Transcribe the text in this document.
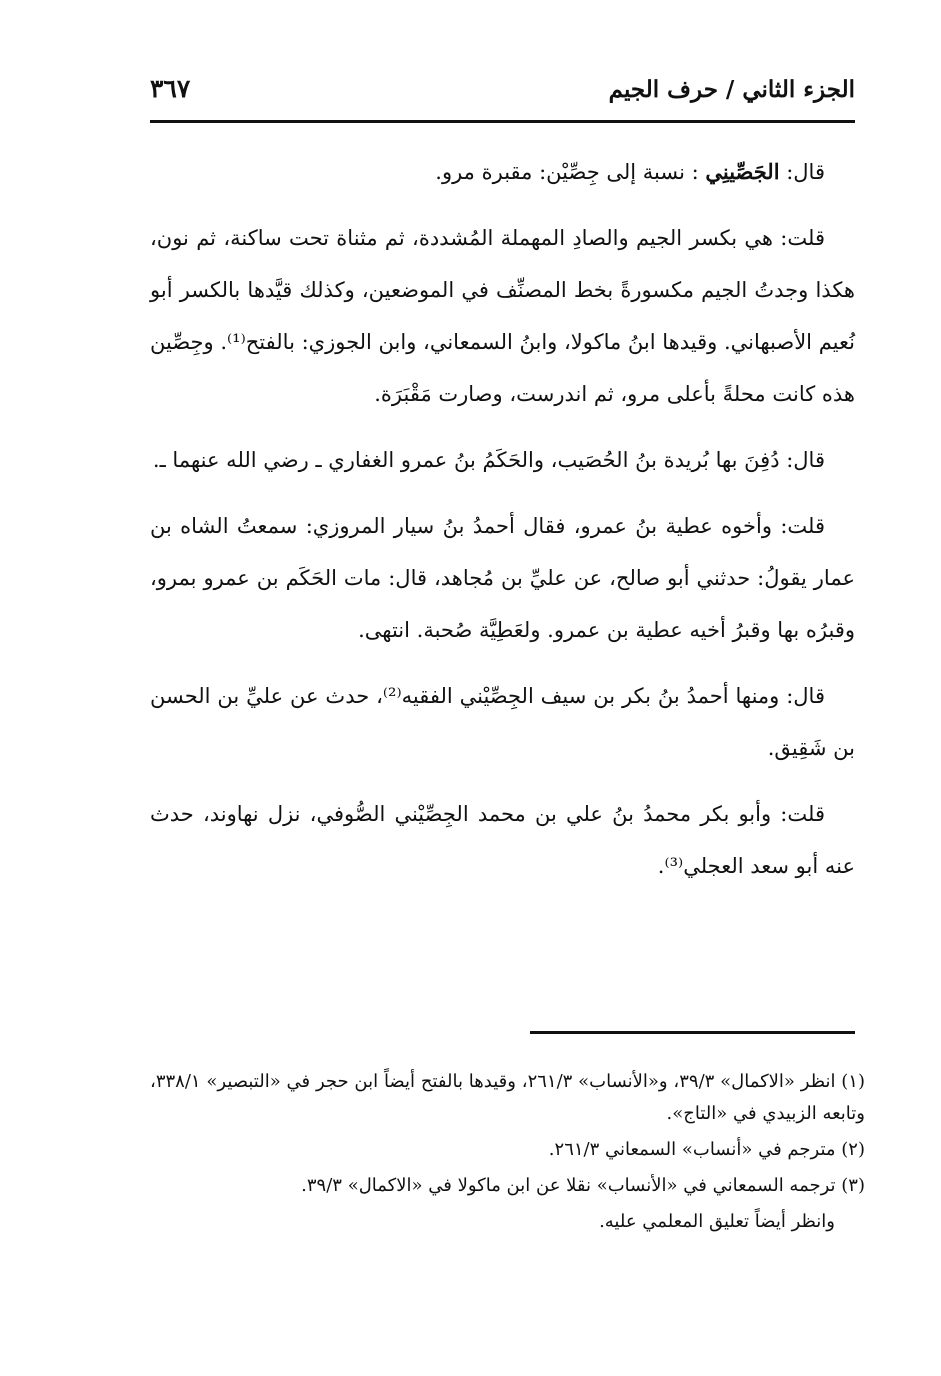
الجزء الثاني / حرف الجيم
٣٦٧

قال: الجَصِّينِي : نسبة إلى جِصِّيْن: مقبرة مرو.

قلت: هي بكسر الجيم والصادِ المهملة المُشددة، ثم مثناة تحت ساكنة، ثم نون، هكذا وجدتُ الجيم مكسورةً بخط المصنِّف في الموضعين، وكذلك قيَّدها بالكسر أبو نُعيم الأصبهاني. وقيدها ابنُ ماكولا، وابنُ السمعاني، وابن الجوزي: بالفتح⁽¹⁾. وجِصِّين هذه كانت محلةً بأعلى مرو، ثم اندرست، وصارت مَقْبَرَة.

قال: دُفِنَ بها بُريدة بنُ الحُصَيب، والحَكَمُ بنُ عمرو الغفاري ـ رضي الله عنهما ـ.

قلت: وأخوه عطية بنُ عمرو، فقال أحمدُ بنُ سيار المروزي: سمعتُ الشاه بن عمار يقولُ: حدثني أبو صالح، عن عليِّ بن مُجاهد، قال: مات الحَكَم بن عمرو بمرو، وقبرُه بها وقبرُ أخيه عطية بن عمرو. ولعَطِيَّة صُحبة. انتهى.

قال: ومنها أحمدُ بنُ بكر بن سيف الجِصِّيْني الفقيه⁽²⁾، حدث عن عليِّ بن الحسن بن شَقِيق.

قلت: وأبو بكر محمدُ بنُ علي بن محمد الجِصِّيْني الصُّوفي، نزل نهاوند، حدث عنه أبو سعد العجلي⁽³⁾.

(١) انظر «الاكمال» ٣٩/٣، و«الأنساب» ٢٦١/٣، وقيدها بالفتح أيضاً ابن حجر في «التبصير» ٣٣٨/١، وتابعه الزبيدي في «التاج».

(٢) مترجم في «أنساب» السمعاني ٢٦١/٣.

(٣) ترجمه السمعاني في «الأنساب» نقلا عن ابن ماكولا في «الاكمال» ٣٩/٣.

وانظر أيضاً تعليق المعلمي عليه.
